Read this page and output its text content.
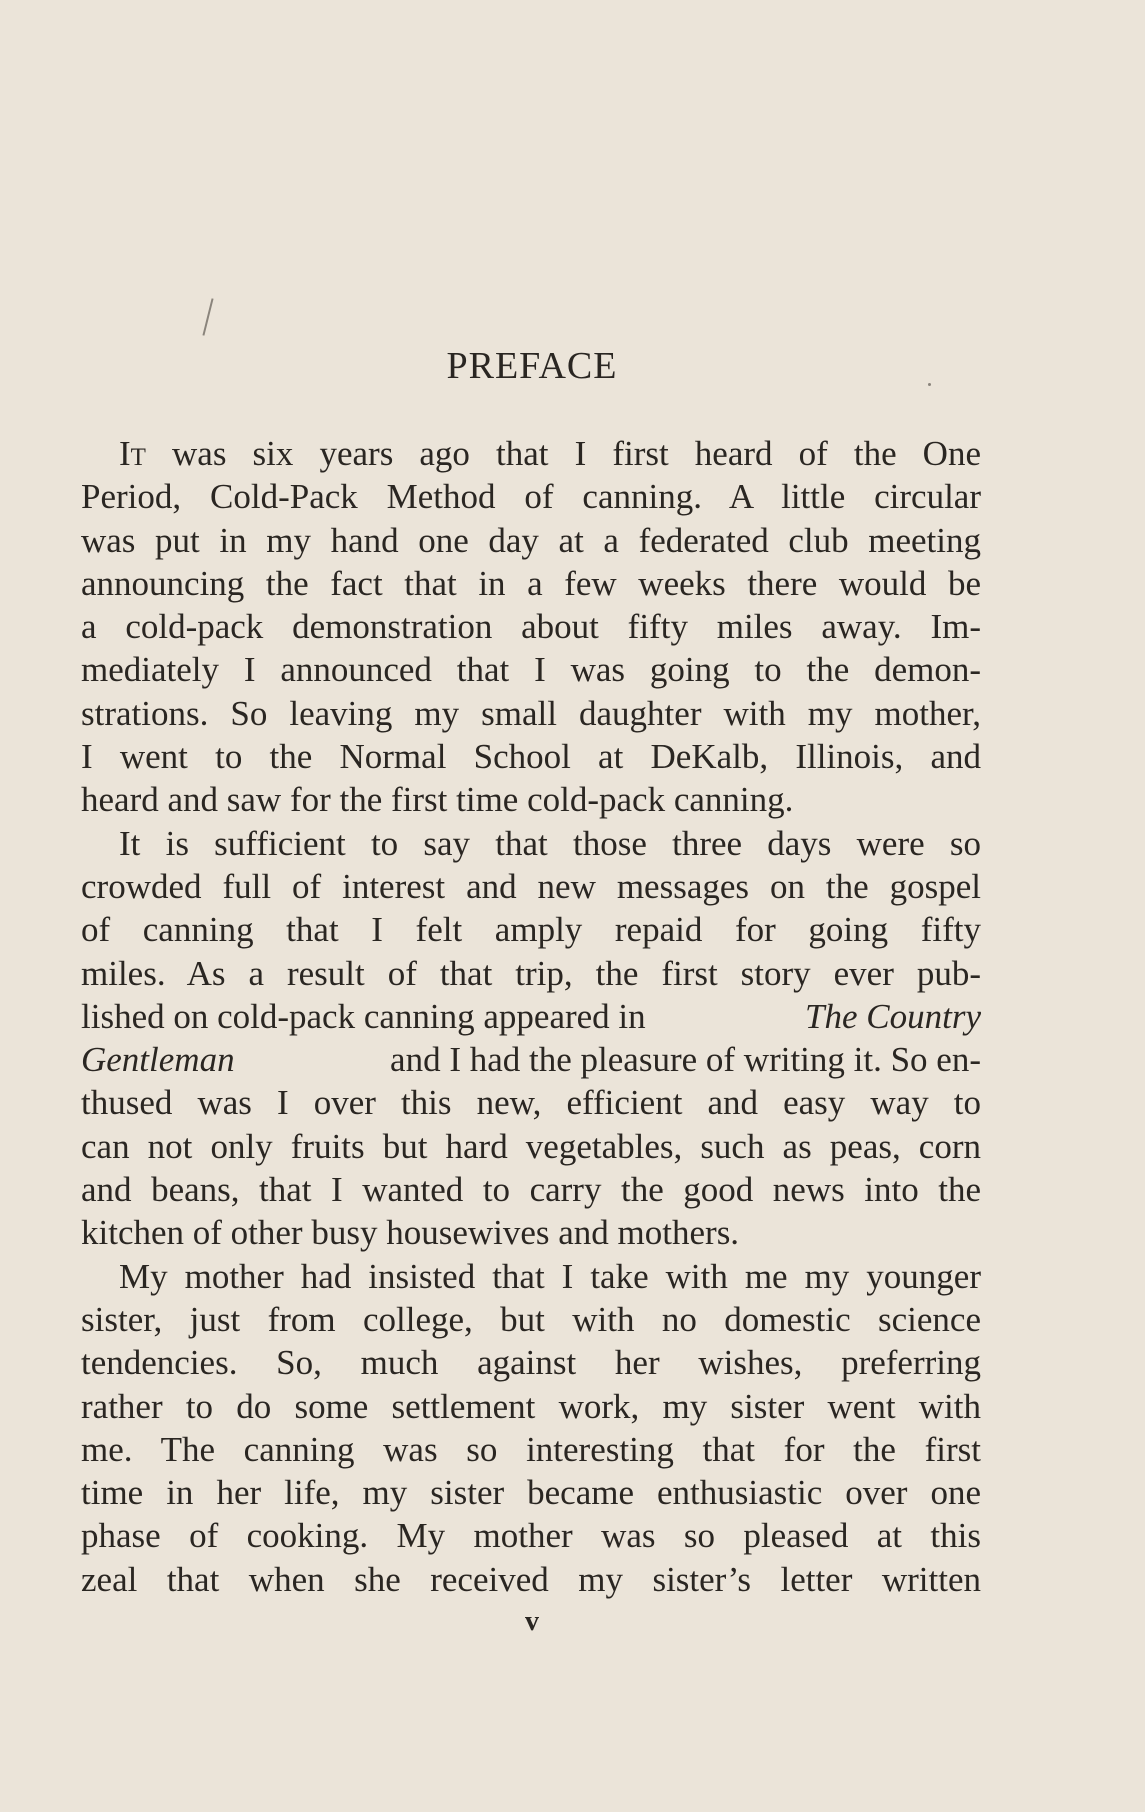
PREFACE
It was six years ago that I first heard of the One
Period, Cold-Pack Method of canning. A little circular
was put in my hand one day at a federated club meeting
announcing the fact that in a few weeks there would be
a cold-pack demonstration about fifty miles away. Im-
mediately I announced that I was going to the demon-
strations. So leaving my small daughter with my mother,
I went to the Normal School at DeKalb, Illinois, and
heard and saw for the first time cold-pack canning.
It is sufficient to say that those three days were so
crowded full of interest and new messages on the gospel
of canning that I felt amply repaid for going fifty
miles. As a result of that trip, the first story ever pub-
lished on cold-pack canning appeared in	The Country
Gentleman	and I had the pleasure of writing it. So en-
thused was I over this new, efficient and easy way to
can not only fruits but hard vegetables, such as peas, corn
and beans, that I wanted to carry the good news into the
kitchen of other busy housewives and mothers.
My mother had insisted that I take with me my younger
sister, just from college, but with no domestic science
tendencies. So, much against her wishes, preferring
rather to do some settlement work, my sister went with
me. The canning was so interesting that for the first
time in her life, my sister became enthusiastic over one
phase of cooking. My mother was so pleased at this
zeal that when she received my sister’s letter written
v
